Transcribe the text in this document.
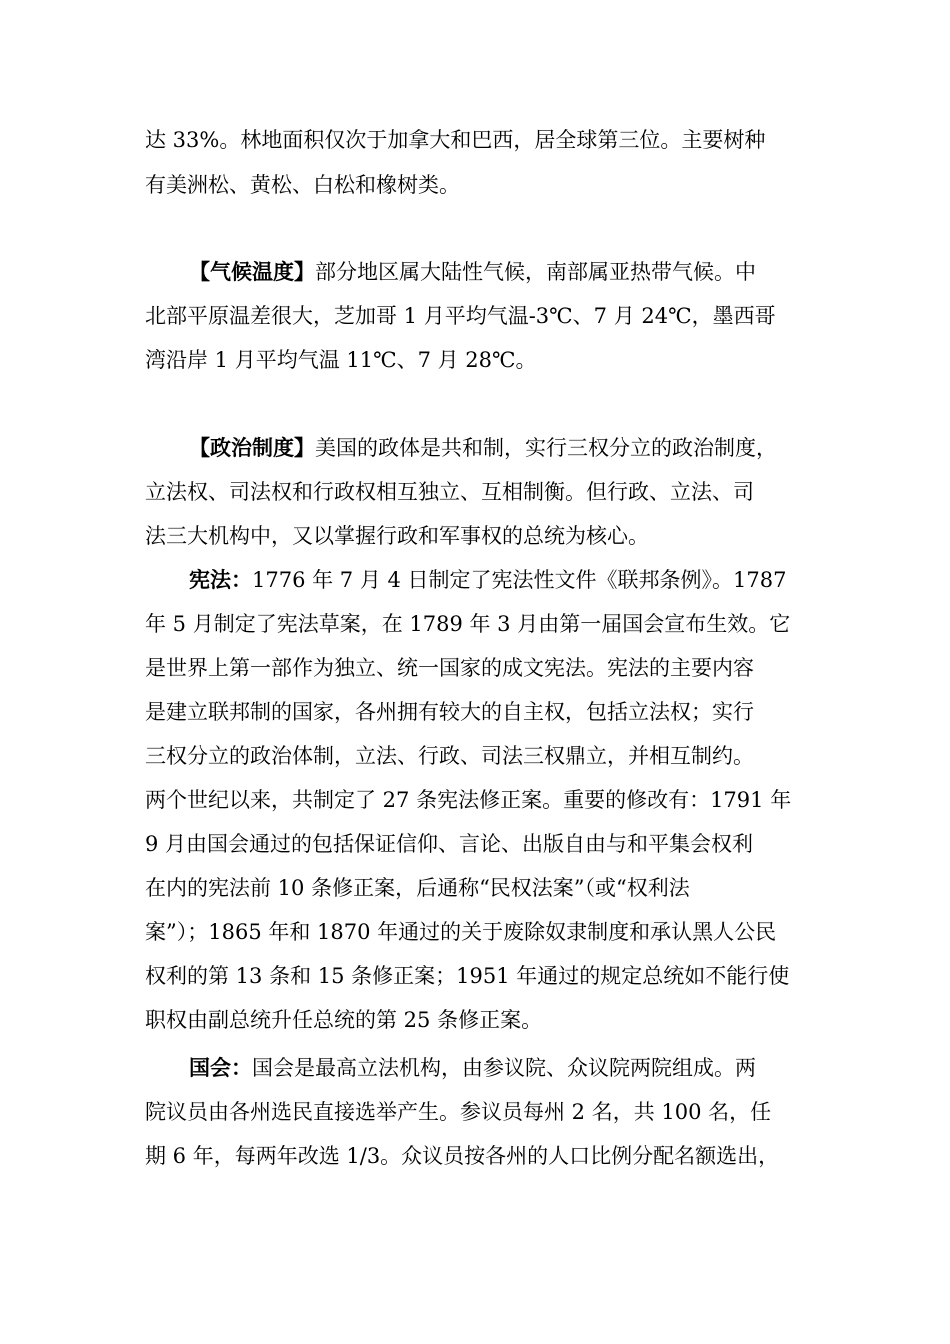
达 33%。林地面积仅次于加拿大和巴西，居全球第三位。主要树种
有美洲松、黄松、白松和橡树类。
【气候温度】部分地区属大陆性气候，南部属亚热带气候。中
北部平原温差很大，芝加哥 1 月平均气温-3℃、7 月 24℃，墨西哥
湾沿岸 1 月平均气温 11℃、7 月 28℃。
【政治制度】美国的政体是共和制，实行三权分立的政治制度，
立法权、司法权和行政权相互独立、互相制衡。但行政、立法、司
法三大机构中，又以掌握行政和军事权的总统为核心。
宪法：1776 年 7 月 4 日制定了宪法性文件《联邦条例》。1787
年 5 月制定了宪法草案，在 1789 年 3 月由第一届国会宣布生效。它
是世界上第一部作为独立、统一国家的成文宪法。宪法的主要内容
是建立联邦制的国家，各州拥有较大的自主权，包括立法权；实行
三权分立的政治体制，立法、行政、司法三权鼎立，并相互制约。
两个世纪以来，共制定了 27 条宪法修正案。重要的修改有：1791 年
9 月由国会通过的包括保证信仰、言论、出版自由与和平集会权利
在内的宪法前 10 条修正案，后通称“民权法案”（或“权利法
案”）；1865 年和 1870 年通过的关于废除奴隶制度和承认黑人公民
权利的第 13 条和 15 条修正案；1951 年通过的规定总统如不能行使
职权由副总统升任总统的第 25 条修正案。
国会：国会是最高立法机构，由参议院、众议院两院组成。两
院议员由各州选民直接选举产生。参议员每州 2 名，共 100 名，任
期 6 年，每两年改选 1/3。众议员按各州的人口比例分配名额选出，
